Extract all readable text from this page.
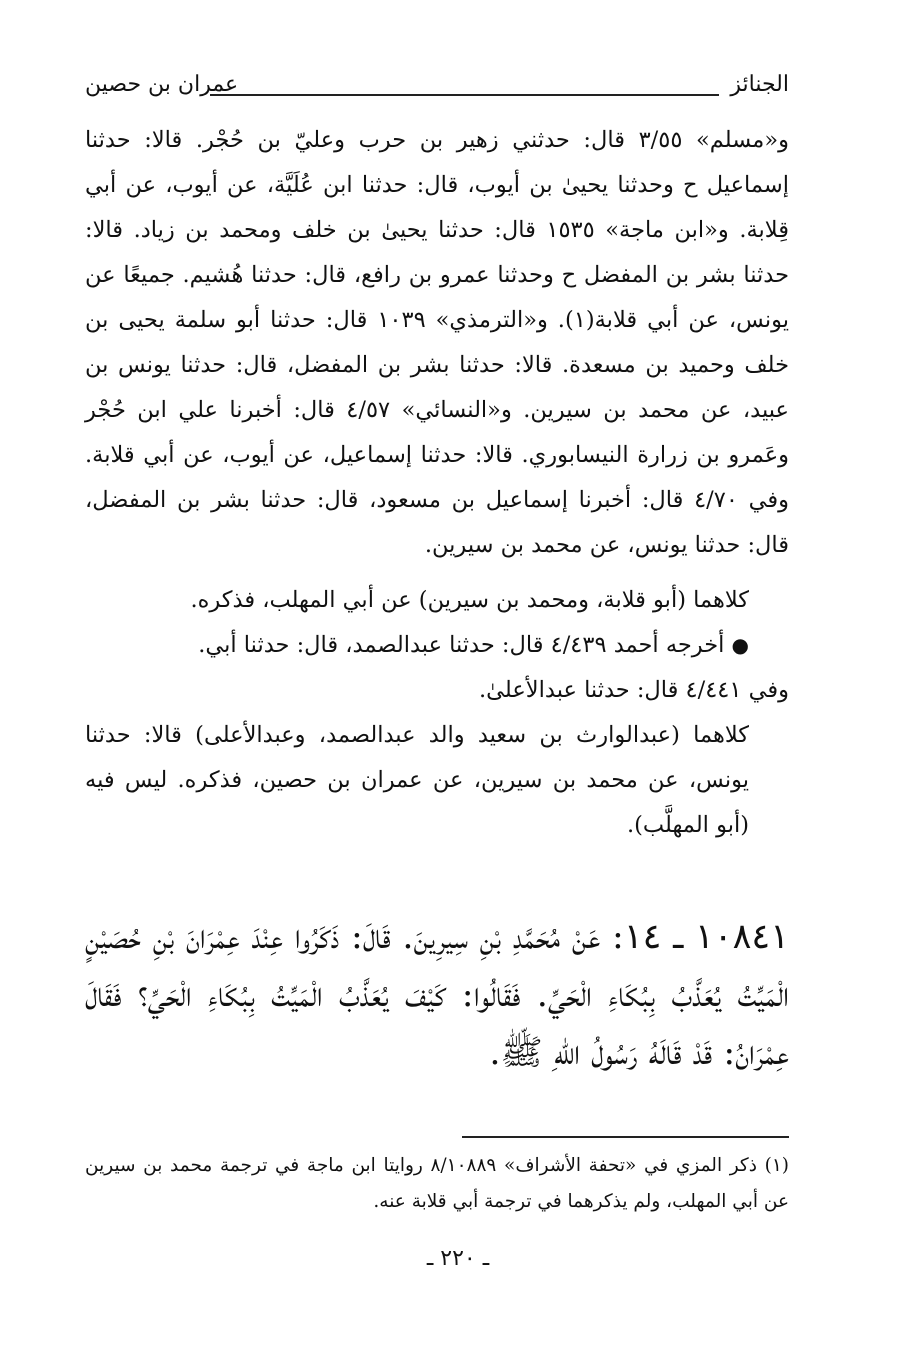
الجنائز
عمران بن حصين

و«مسلم» ٣/٥٥ قال: حدثني زهير بن حرب وعليّ بن حُجْر. قالا: حدثنا إسماعيل ح وحدثنا يحيىٰ بن أيوب، قال: حدثنا ابن عُلَيَّة، عن أيوب، عن أبي قِلابة. و«ابن ماجة» ١٥٣٥ قال: حدثنا يحيىٰ بن خلف ومحمد بن زياد. قالا: حدثنا بشر بن المفضل ح وحدثنا عمرو بن رافع، قال: حدثنا هُشيم. جميعًا عن يونس، عن أبي قلابة(١). و«الترمذي» ١٠٣٩ قال: حدثنا أبو سلمة يحيى بن خلف وحميد بن مسعدة. قالا: حدثنا بشر بن المفضل، قال: حدثنا يونس بن عبيد، عن محمد بن سيرين. و«النسائي» ٤/٥٧ قال: أخبرنا علي ابن حُجْر وعَمرو بن زرارة النيسابوري. قالا: حدثنا إسماعيل، عن أيوب، عن أبي قلابة. وفي ٤/٧٠ قال: أخبرنا إسماعيل بن مسعود، قال: حدثنا بشر بن المفضل، قال: حدثنا يونس، عن محمد بن سيرين.

كلاهما (أبو قلابة، ومحمد بن سيرين) عن أبي المهلب، فذكره.

● أخرجه أحمد ٤/٤٣٩ قال: حدثنا عبدالصمد، قال: حدثنا أبي.

وفي ٤/٤٤١ قال: حدثنا عبدالأعلىٰ.

كلاهما (عبدالوارث بن سعيد والد عبدالصمد، وعبدالأعلى) قالا: حدثنا يونس، عن محمد بن سيرين، عن عمران بن حصين، فذكره. ليس فيه (أبو المهلَّب).

١٠٨٤١ ـ ١٤: عَنْ مُحَمَّدِ بْنِ سِيرِينَ. قَالَ: ذَكَرُوا عِنْدَ عِمْرَانَ بْنِ حُصَيْنٍ الْمَيِّتُ يُعَذَّبُ بِبُكَاءِ الْحَيِّ. فَقَالُوا: كَيْفَ يُعَذَّبُ الْمَيِّتُ بِبُكَاءِ الْحَيِّ؟ فَقَالَ عِمْرَانُ: قَدْ قَالَهُ رَسُولُ اللهِ ﷺ.

(١) ذكر المزي في «تحفة الأشراف» ٨/١٠٨٨٩ روايتا ابن ماجة في ترجمة محمد بن سيرين عن أبي المهلب، ولم يذكرهما في ترجمة أبي قلابة عنه.

ـ ٢٢٠ ـ
